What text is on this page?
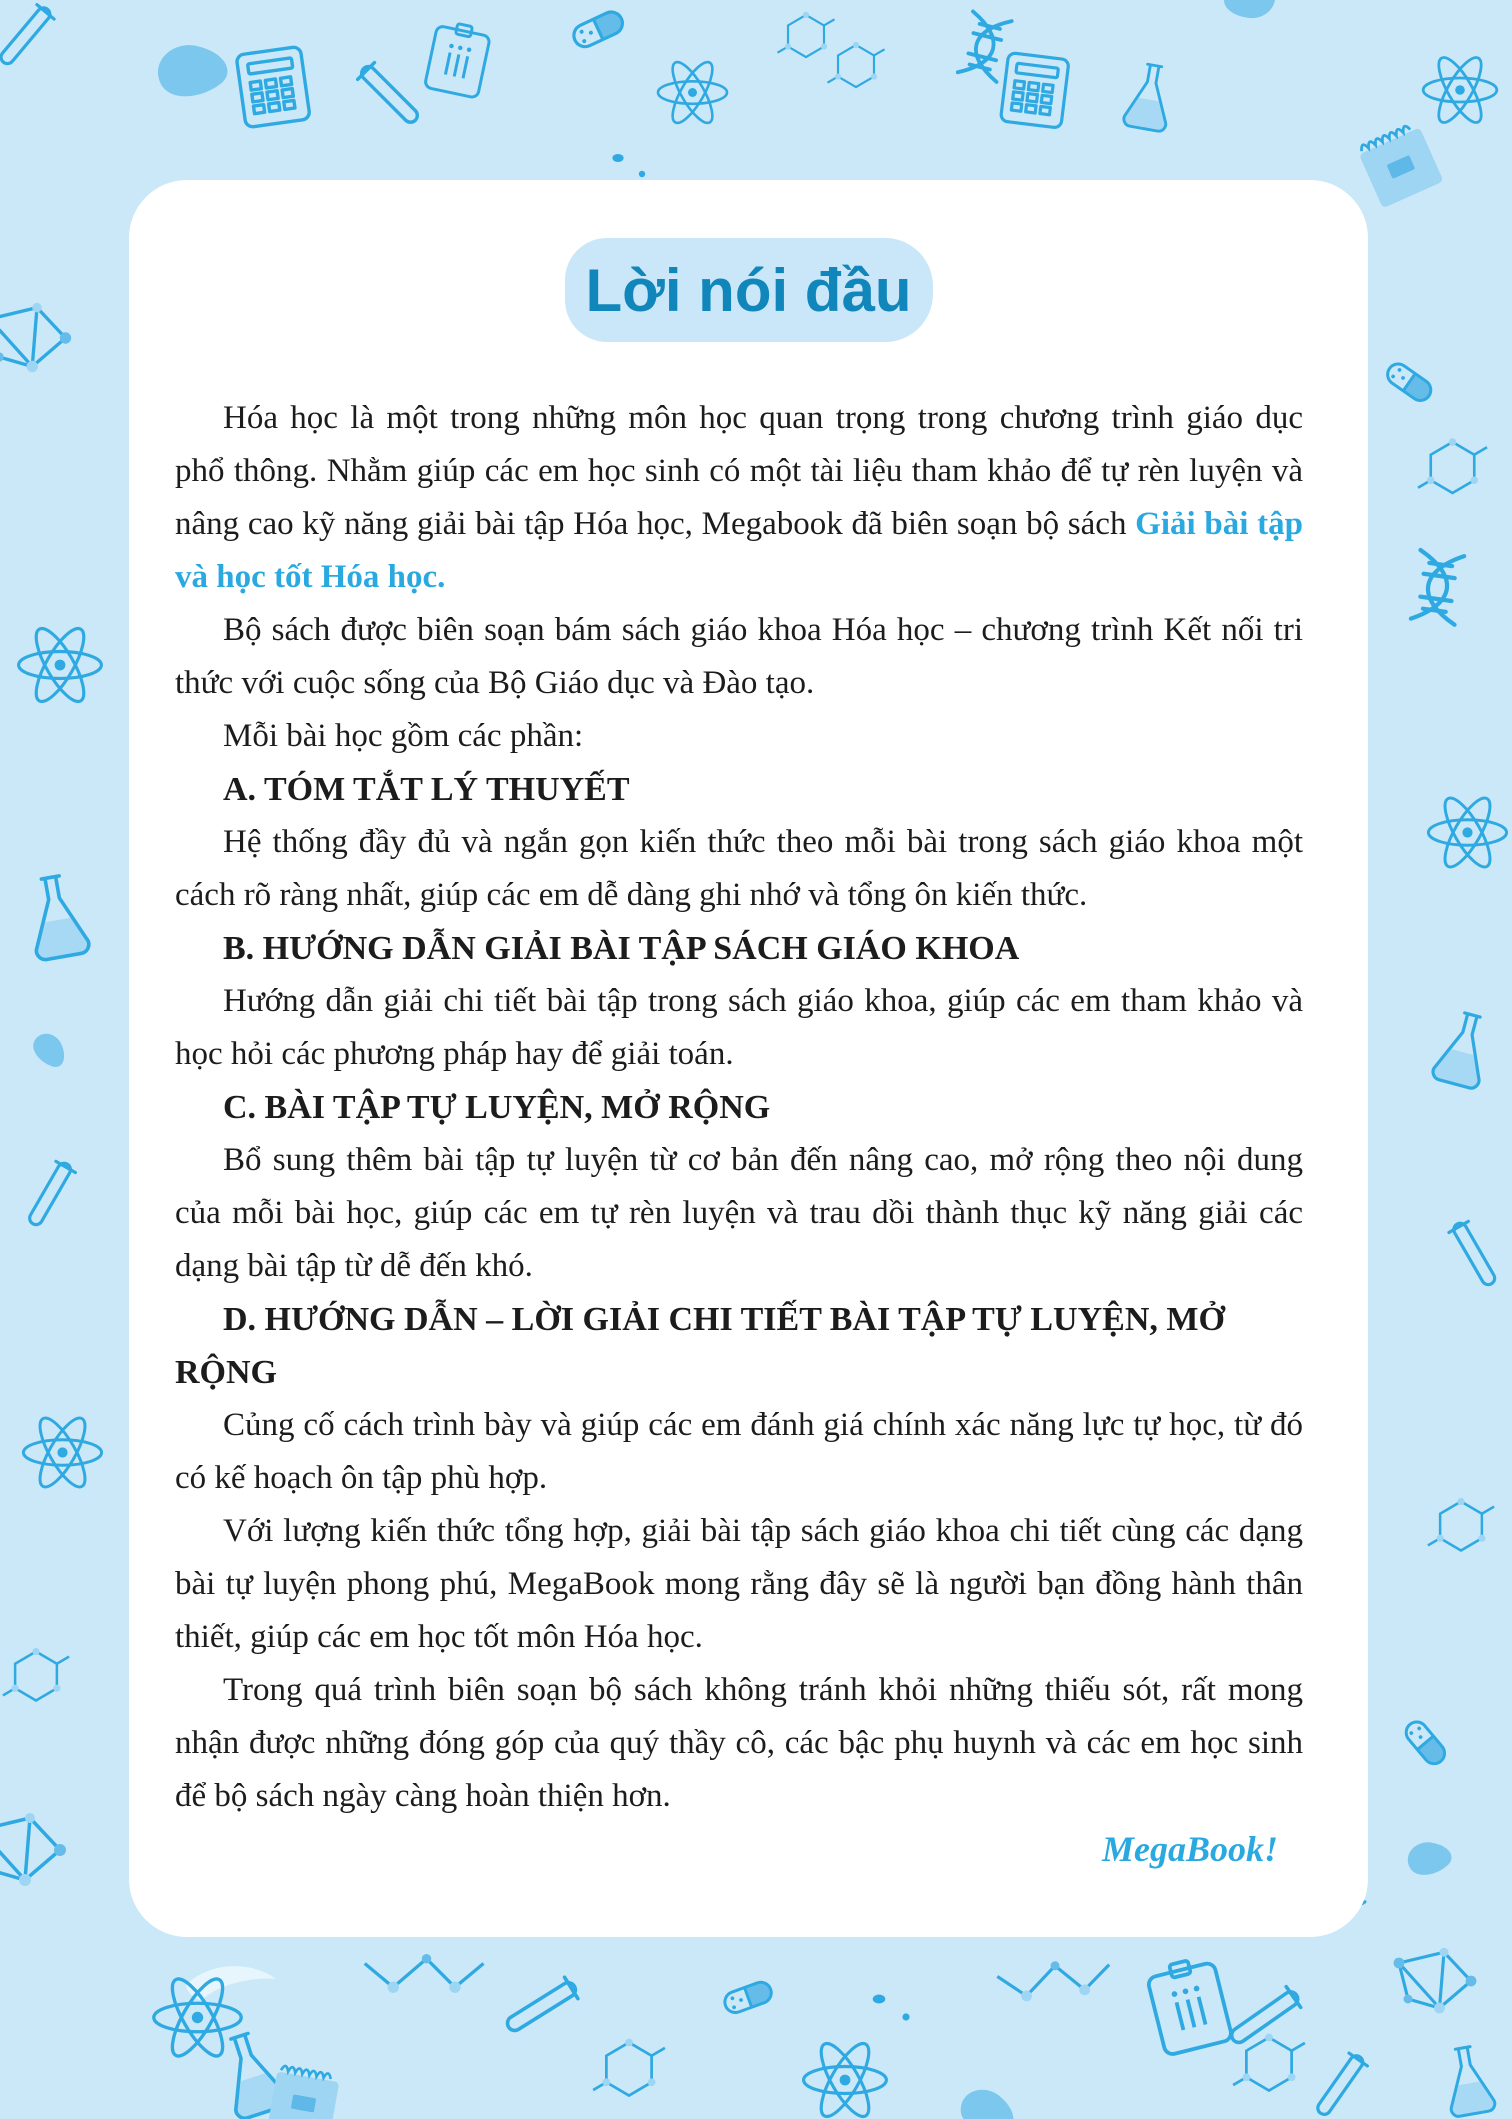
Lời nói đầu

Hóa học là một trong những môn học quan trọng trong chương trình giáo dục phổ thông. Nhằm giúp các em học sinh có một tài liệu tham khảo để tự rèn luyện và nâng cao kỹ năng giải bài tập Hóa học, Megabook đã biên soạn bộ sách Giải bài tập và học tốt Hóa học.

Bộ sách được biên soạn bám sách giáo khoa Hóa học – chương trình Kết nối tri thức với cuộc sống của Bộ Giáo dục và Đào tạo.

Mỗi bài học gồm các phần:

A. TÓM TẮT LÝ THUYẾT

Hệ thống đầy đủ và ngắn gọn kiến thức theo mỗi bài trong sách giáo khoa một cách rõ ràng nhất, giúp các em dễ dàng ghi nhớ và tổng ôn kiến thức.

B. HƯỚNG DẪN GIẢI BÀI TẬP SÁCH GIÁO KHOA

Hướng dẫn giải chi tiết bài tập trong sách giáo khoa, giúp các em tham khảo và học hỏi các phương pháp hay để giải toán.

C. BÀI TẬP TỰ LUYỆN, MỞ RỘNG

Bổ sung thêm bài tập tự luyện từ cơ bản đến nâng cao, mở rộng theo nội dung của mỗi bài học, giúp các em tự rèn luyện và trau dồi thành thục kỹ năng giải các dạng bài tập từ dễ đến khó.

D. HƯỚNG DẪN – LỜI GIẢI CHI TIẾT BÀI TẬP TỰ LUYỆN, MỞ RỘNG

Củng cố cách trình bày và giúp các em đánh giá chính xác năng lực tự học, từ đó có kế hoạch ôn tập phù hợp.

Với lượng kiến thức tổng hợp, giải bài tập sách giáo khoa chi tiết cùng các dạng bài tự luyện phong phú, MegaBook mong rằng đây sẽ là người bạn đồng hành thân thiết, giúp các em học tốt môn Hóa học.

Trong quá trình biên soạn bộ sách không tránh khỏi những thiếu sót, rất mong nhận được những đóng góp của quý thầy cô, các bậc phụ huynh và các em học sinh để bộ sách ngày càng hoàn thiện hơn.

MegaBook!
